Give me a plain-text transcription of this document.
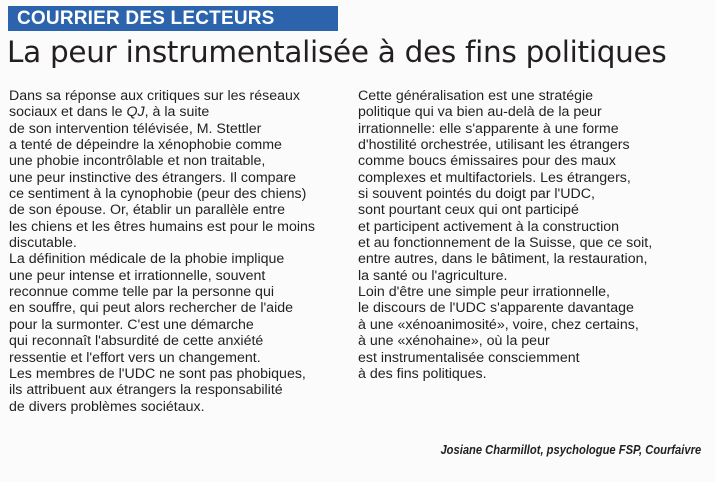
COURRIER DES LECTEURS
La peur instrumentalisée à des fins politiques
Dans sa réponse aux critiques sur les réseaux
sociaux et dans le QJ, à la suite
de son intervention télévisée, M. Stettler
a tenté de dépeindre la xénophobie comme
une phobie incontrôlable et non traitable,
une peur instinctive des étrangers. Il compare
ce sentiment à la cynophobie (peur des chiens)
de son épouse. Or, établir un parallèle entre
les chiens et les êtres humains est pour le moins
discutable.
La définition médicale de la phobie implique
une peur intense et irrationnelle, souvent
reconnue comme telle par la personne qui
en souffre, qui peut alors rechercher de l'aide
pour la surmonter. C'est une démarche
qui reconnaît l'absurdité de cette anxiété
ressentie et l'effort vers un changement.
Les membres de l'UDC ne sont pas phobiques,
ils attribuent aux étrangers la responsabilité
de divers problèmes sociétaux.
Cette généralisation est une stratégie
politique qui va bien au-delà de la peur
irrationnelle: elle s'apparente à une forme
d'hostilité orchestrée, utilisant les étrangers
comme boucs émissaires pour des maux
complexes et multifactoriels. Les étrangers,
si souvent pointés du doigt par l'UDC,
sont pourtant ceux qui ont participé
et participent activement à la construction
et au fonctionnement de la Suisse, que ce soit,
entre autres, dans le bâtiment, la restauration,
la santé ou l'agriculture.
Loin d'être une simple peur irrationnelle,
le discours de l'UDC s'apparente davantage
à une «xénoanimosité», voire, chez certains,
à une «xénohaine», où la peur
est instrumentalisée consciemment
à des fins politiques.
Josiane Charmillot, psychologue FSP, Courfaivre
